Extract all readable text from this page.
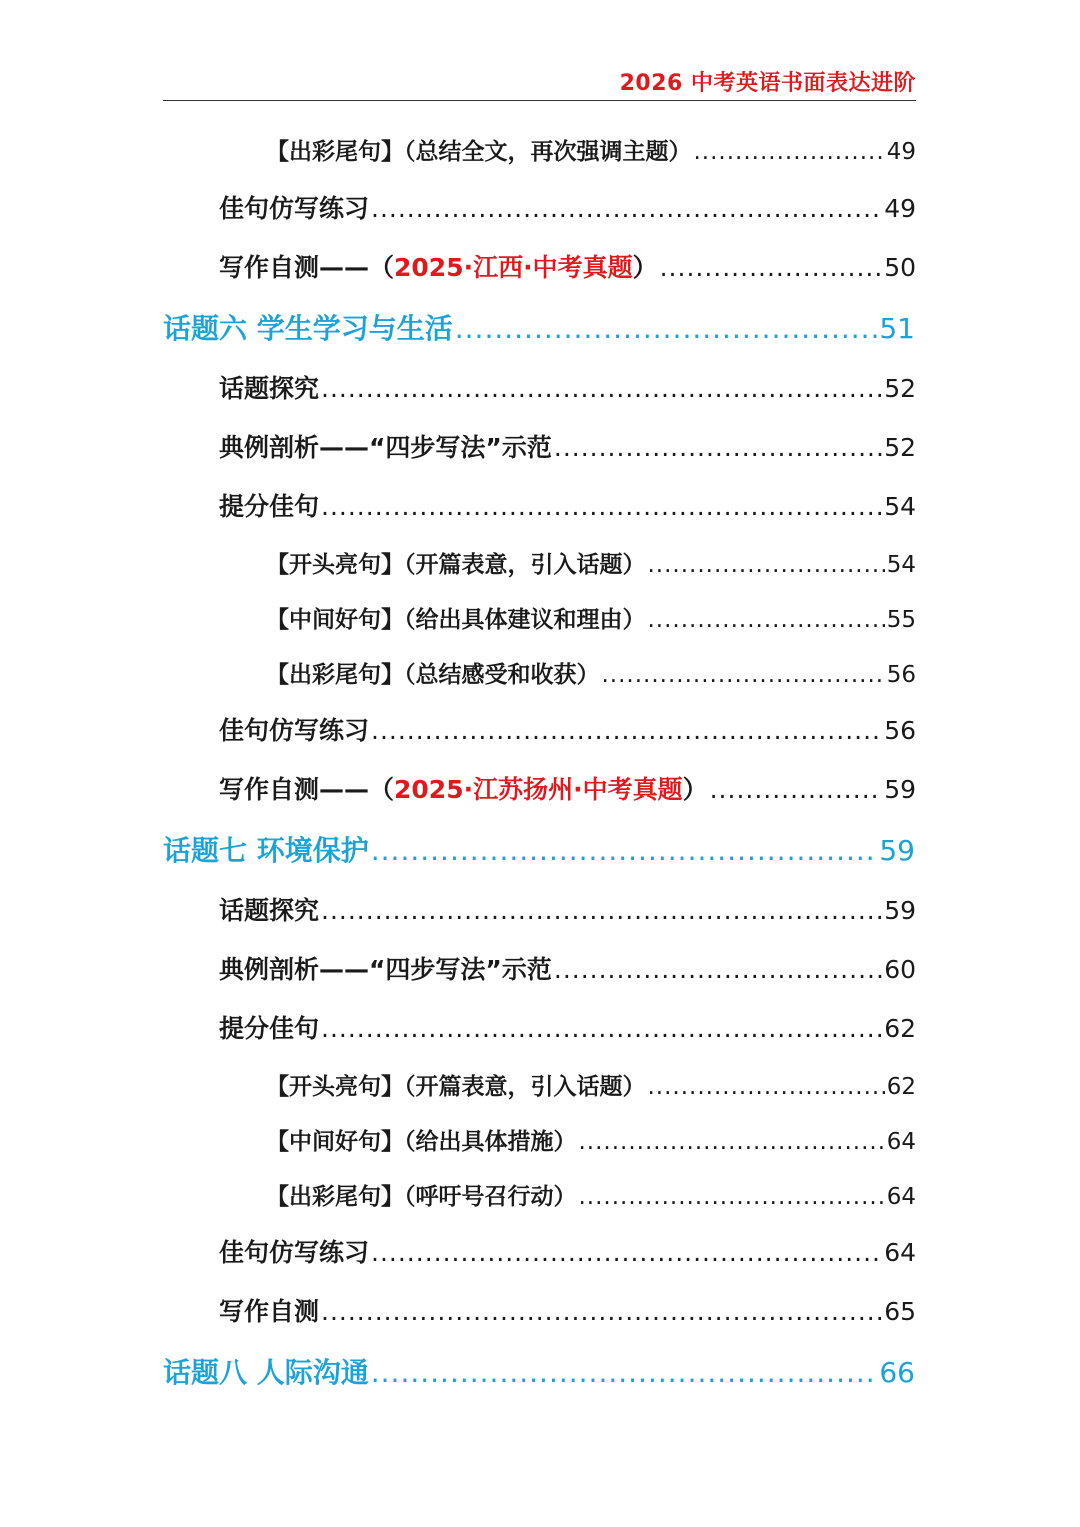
2026 中考英语书面表达进阶
【出彩尾句】（总结全文，再次强调主题） .....	49
佳句仿写练习 .....	49
写作自测——（2025·江西·中考真题） .....	50
话题六 学生学习与生活 .....	51
话题探究 .....	52
典例剖析——“四步写法”示范 .....	52
提分佳句 .....	54
【开头亮句】（开篇表意，引入话题） .....	54
【中间好句】（给出具体建议和理由） .....	55
【出彩尾句】（总结感受和收获） .....	56
佳句仿写练习 .....	56
写作自测——（2025·江苏扬州·中考真题） .....	59
话题七 环境保护 .....	59
话题探究 .....	59
典例剖析——“四步写法”示范 .....	60
提分佳句 .....	62
【开头亮句】（开篇表意，引入话题） .....	62
【中间好句】（给出具体措施） .....	64
【出彩尾句】（呼吁号召行动） .....	64
佳句仿写练习 .....	64
写作自测 .....	65
话题八 人际沟通 .....	66
